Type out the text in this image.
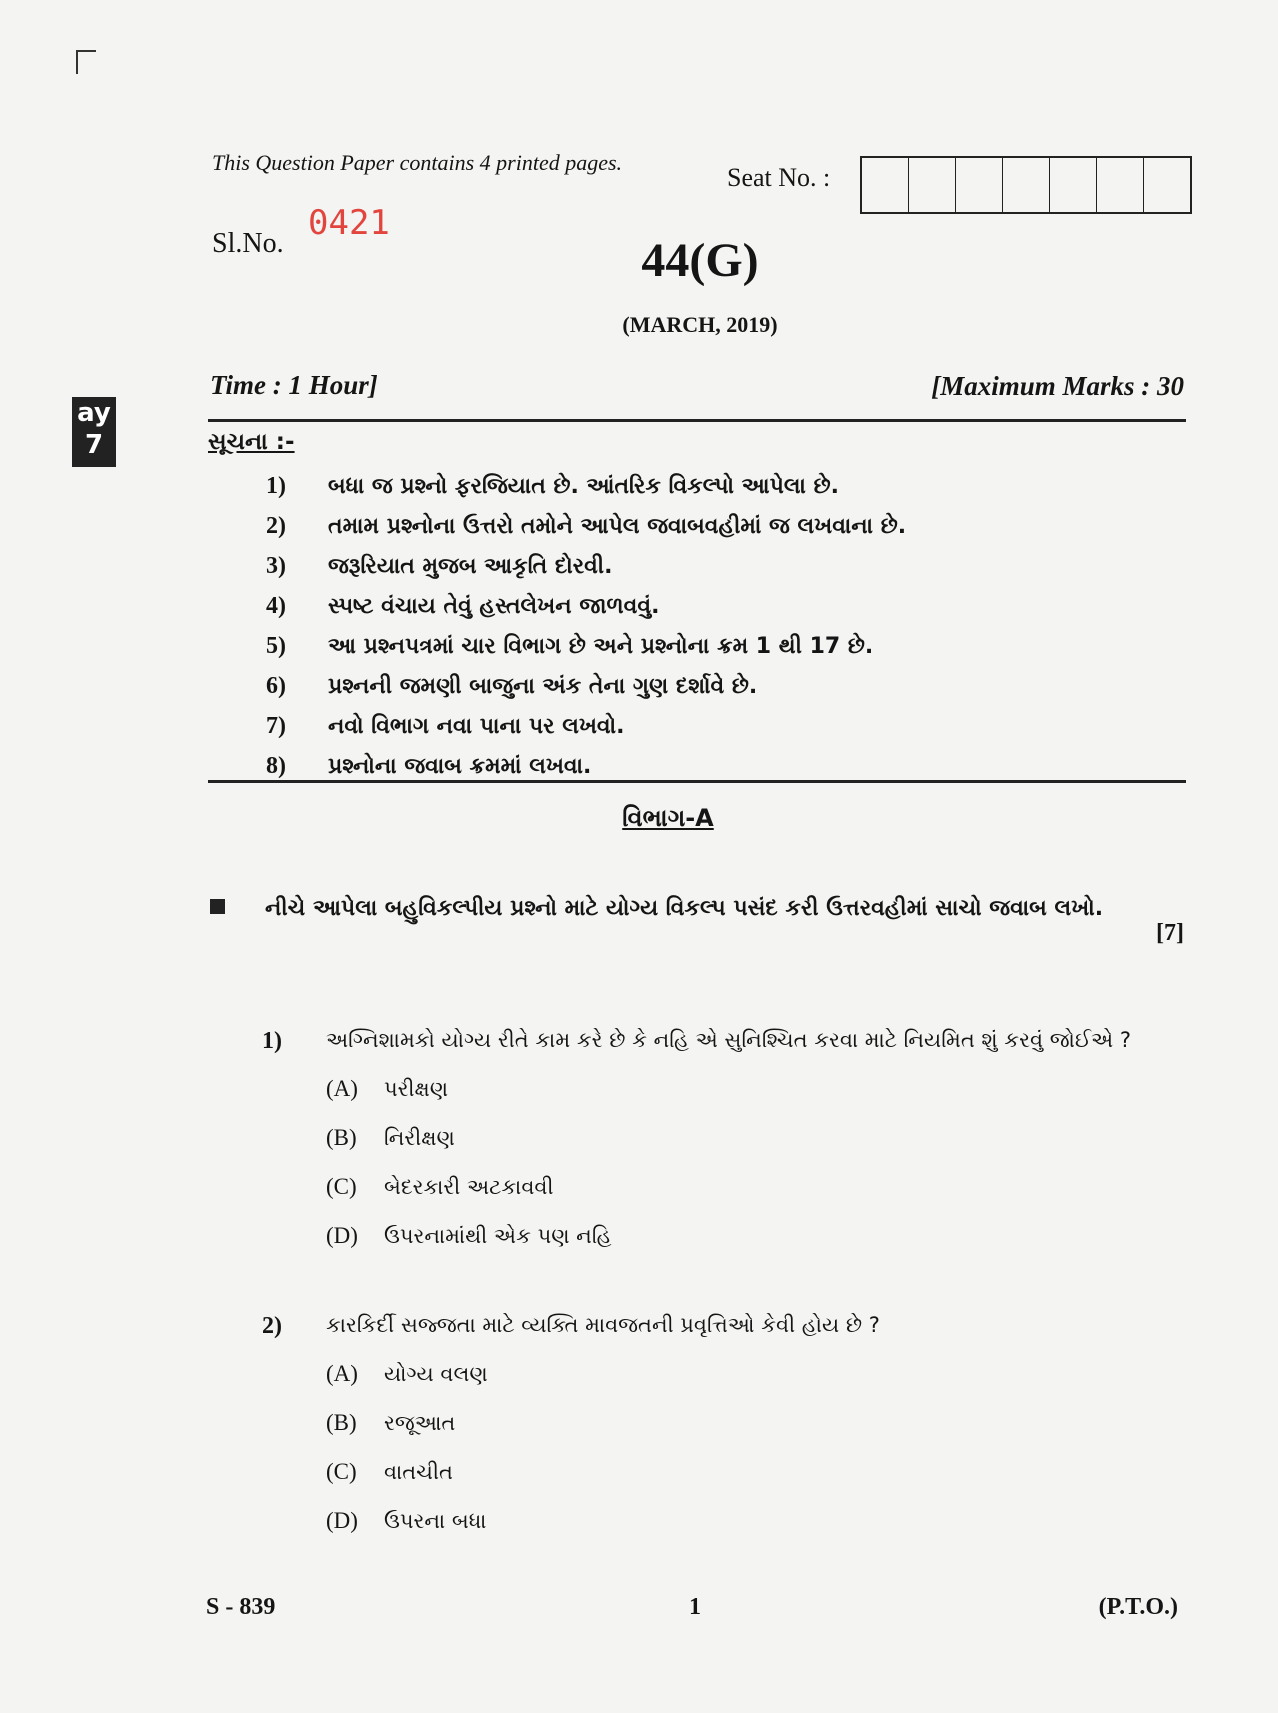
ay
7
This Question Paper contains 4 printed pages.
Seat No. :
Sl.No.
0421
44(G)
(MARCH, 2019)
Time : 1 Hour]	[Maximum Marks : 30
સૂચના :-
1)	બધા જ પ્રશ્નો ફરજિયાત છે. આંતરિક વિકલ્પો આપેલા છે.
2)	તમામ પ્રશ્નોના ઉત્તરો તમોને આપેલ જવાબવહીમાં જ લખવાના છે.
3)	જરૂરિયાત મુજબ આકૃતિ દોરવી.
4)	સ્પષ્ટ વંચાય તેવું હસ્તલેખન જાળવવું.
5)	આ પ્રશ્નપત્રમાં ચાર વિભાગ છે અને પ્રશ્નોના ક્રમ 1 થી 17 છે.
6)	પ્રશ્નની જમણી બાજુના અંક તેના ગુણ દર્શાવે છે.
7)	નવો વિભાગ નવા પાના પર લખવો.
8)	પ્રશ્નોના જવાબ ક્રમમાં લખવા.
વિભાગ-A
નીચે આપેલા બહુવિકલ્પીય પ્રશ્નો માટે યોગ્ય વિકલ્પ પસંદ કરી ઉત્તરવહીમાં સાચો જવાબ લખો.
[7]
1) અગ્નિશામકો યોગ્ય રીતે કામ કરે છે કે નહિ એ સુનિશ્ચિત કરવા માટે નિયમિત શું કરવું જોઈએ ?
(A)	પરીક્ષણ
(B)	નિરીક્ષણ
(C)	બેદરકારી અટકાવવી
(D)	ઉપરનામાંથી એક પણ નહિ
2) કારકિર્દી સજ્જતા માટે વ્યક્તિ માવજતની પ્રવૃત્તિઓ કેવી હોય છે ?
(A)	યોગ્ય વલણ
(B)	રજૂઆત
(C)	વાતચીત
(D)	ઉપરના બધા
S - 839	1	(P.T.O.)
